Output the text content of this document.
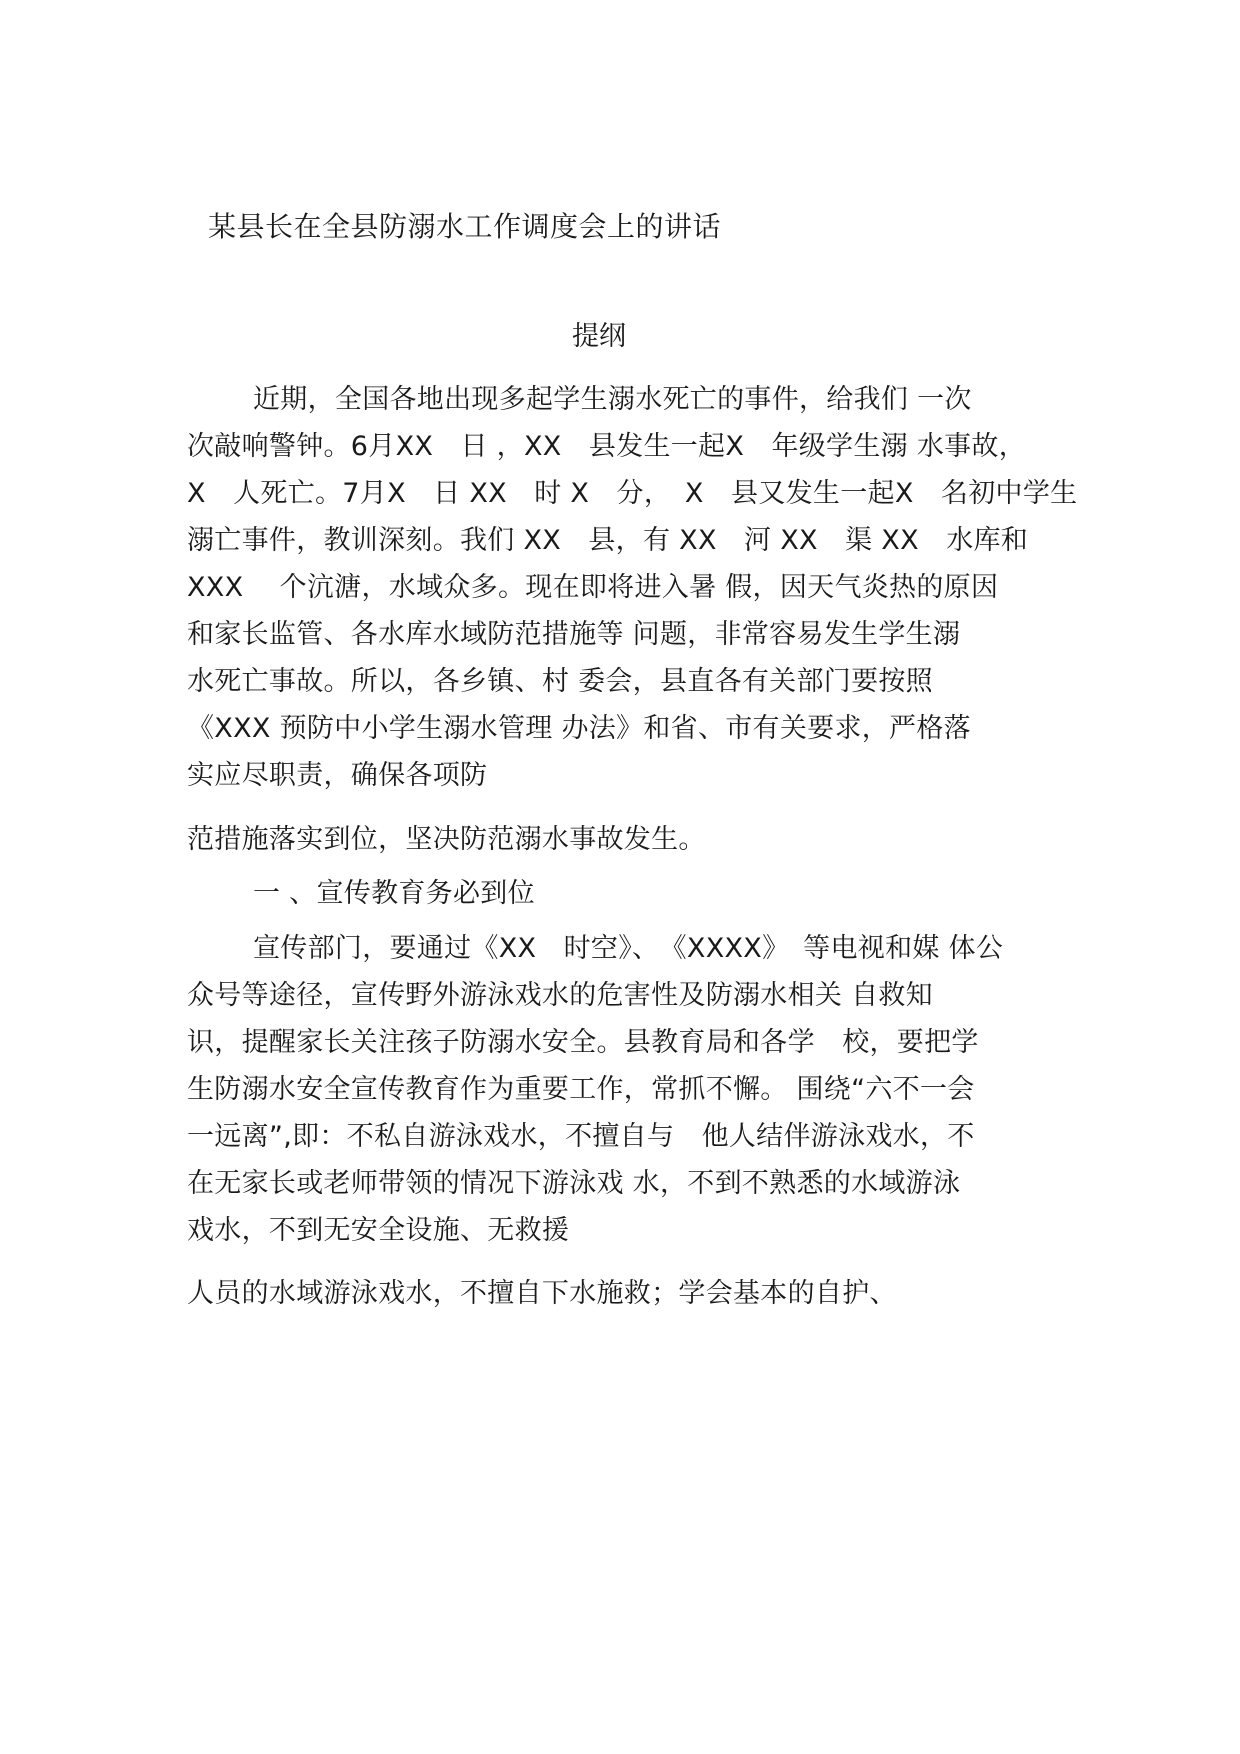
某县长在全县防溺水工作调度会上的讲话
提纲
近期，全国各地出现多起学生溺水死亡的事件，给我们 一次
次敲响警钟。6月XX　日 ，XX　县发生一起X　年级学生溺 水事故，
X　人死亡。7月X　日 XX　时 X　分，　X　县又发生一起X　名初中学生
溺亡事件，教训深刻。我们 XX　县，有 XX　河 XX　渠 XX　水库和
XXX　 个沆溏，水域众多。现在即将进入暑 假，因天气炎热的原因
和家长监管、各水库水域防范措施等 问题，非常容易发生学生溺
水死亡事故。所以，各乡镇、村 委会，县直各有关部门要按照
《XXX 预防中小学生溺水管理 办法》和省、市有关要求，严格落
实应尽职责，确保各项防
范措施落实到位，坚决防范溺水事故发生。
一 、宣传教育务必到位
宣传部门，要通过《XX　时空》、　《XXXX》　等电视和媒 体公
众号等途径，宣传野外游泳戏水的危害性及防溺水相关 自救知
识，提醒家长关注孩子防溺水安全。县教育局和各学　校，要把学
生防溺水安全宣传教育作为重要工作，常抓不懈。 围绕“六不一会
一远离”,即：不私自游泳戏水，不擅自与　他人结伴游泳戏水，不
在无家长或老师带领的情况下游泳戏 水，不到不熟悉的水域游泳
戏水，不到无安全设施、无救援
人员的水域游泳戏水，不擅自下水施救；学会基本的自护、
